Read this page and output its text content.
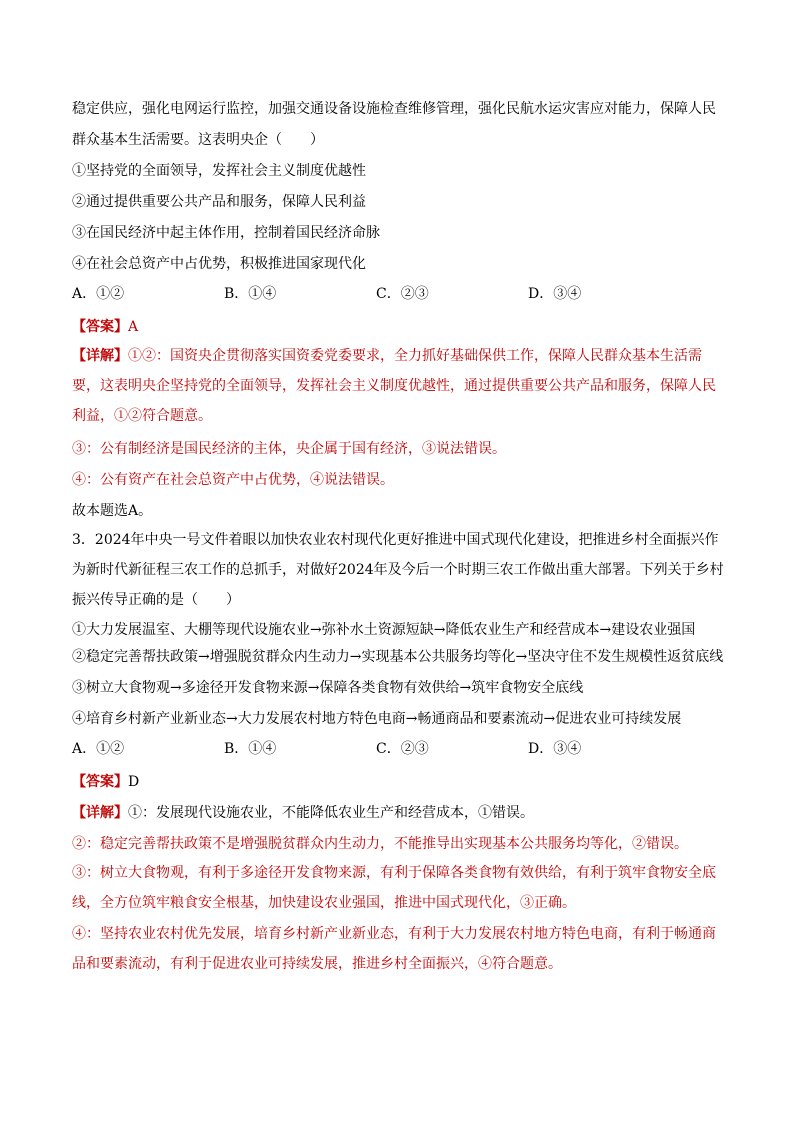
稳定供应，强化电网运行监控，加强交通设备设施检查维修管理，强化民航水运灾害应对能力，保障人民

群众基本生活需要。这表明央企（　　）

①坚持党的全面领导，发挥社会主义制度优越性

②通过提供重要公共产品和服务，保障人民利益

③在国民经济中起主体作用，控制着国民经济命脉

④在社会总资产中占优势，积极推进国家现代化

A．①②	B．①④	C．②③	D．③④

【答案】A

【详解】①②：国资央企贯彻落实国资委党委要求，全力抓好基础保供工作，保障人民群众基本生活需要，这表明央企坚持党的全面领导，发挥社会主义制度优越性，通过提供重要公共产品和服务，保障人民利益，①②符合题意。

③：公有制经济是国民经济的主体，央企属于国有经济，③说法错误。

④：公有资产在社会总资产中占优势，④说法错误。

故本题选A。

3．2024年中央一号文件着眼以加快农业农村现代化更好推进中国式现代化建设，把推进乡村全面振兴作为新时代新征程三农工作的总抓手，对做好2024年及今后一个时期三农工作做出重大部署。下列关于乡村振兴传导正确的是（　　）

①大力发展温室、大棚等现代设施农业→弥补水土资源短缺→降低农业生产和经营成本→建设农业强国

②稳定完善帮扶政策→增强脱贫群众内生动力→实现基本公共服务均等化→坚决守住不发生规模性返贫底线

③树立大食物观→多途径开发食物来源→保障各类食物有效供给→筑牢食物安全底线

④培育乡村新产业新业态→大力发展农村地方特色电商→畅通商品和要素流动→促进农业可持续发展

A．①②	B．①④	C．②③	D．③④

【答案】D

【详解】①：发展现代设施农业，不能降低农业生产和经营成本，①错误。

②：稳定完善帮扶政策不是增强脱贫群众内生动力，不能推导出实现基本公共服务均等化，②错误。

③：树立大食物观，有利于多途径开发食物来源，有利于保障各类食物有效供给，有利于筑牢食物安全底线，全方位筑牢粮食安全根基，加快建设农业强国，推进中国式现代化，③正确。

④：坚持农业农村优先发展，培育乡村新产业新业态，有利于大力发展农村地方特色电商，有利于畅通商品和要素流动，有利于促进农业可持续发展，推进乡村全面振兴，④符合题意。
